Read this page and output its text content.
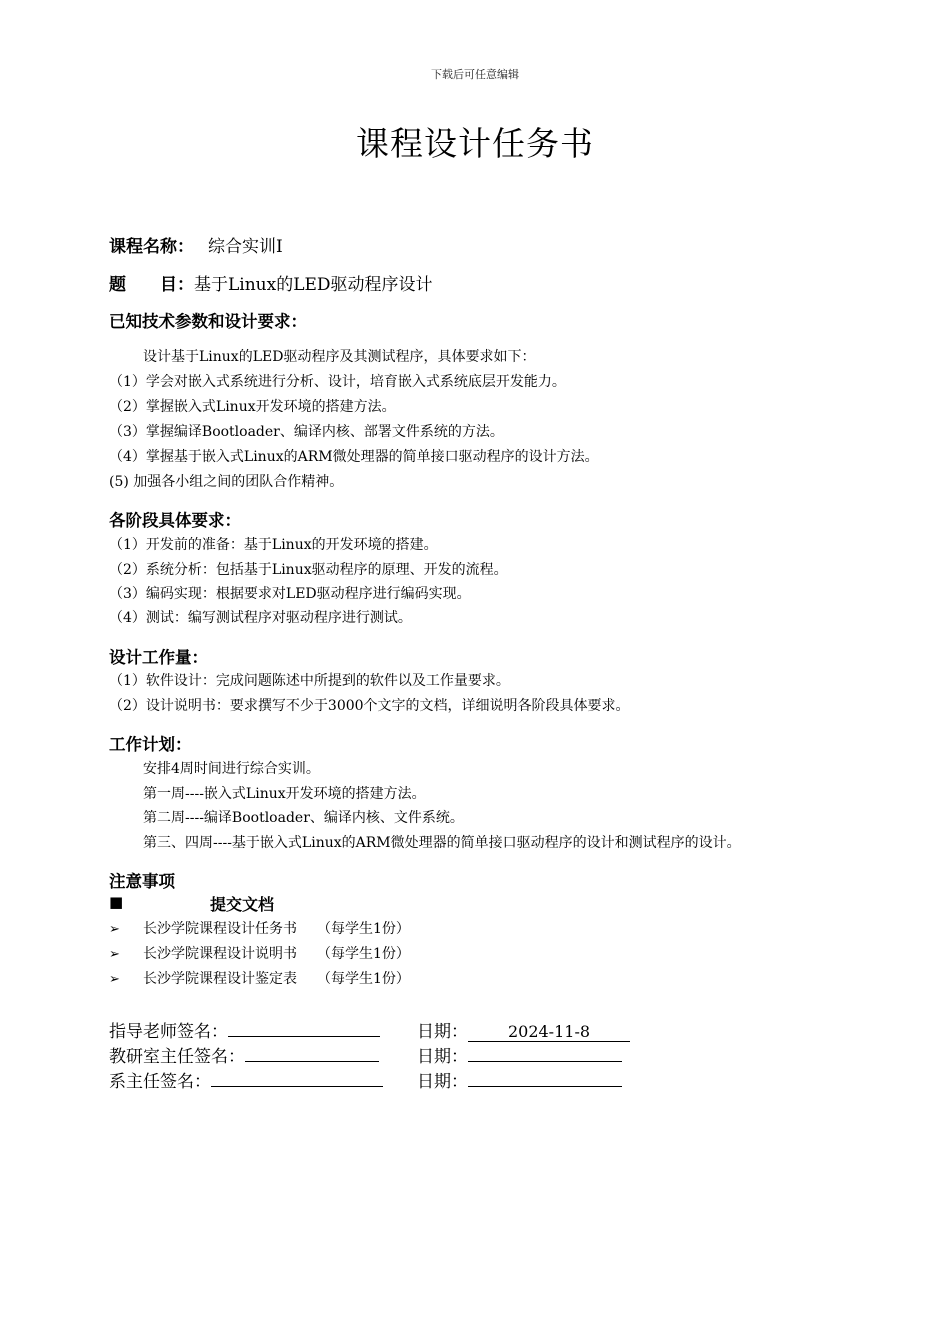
下载后可任意编辑
课程设计任务书
课程名称： 综合实训Ⅰ
题　　目：基于Linux的LED驱动程序设计
已知技术参数和设计要求：
设计基于Linux的LED驱动程序及其测试程序，具体要求如下：
（1）学会对嵌入式系统进行分析、设计，培育嵌入式系统底层开发能力。
（2）掌握嵌入式Linux开发环境的搭建方法。
（3）掌握编译Bootloader、编译内核、部署文件系统的方法。
（4）掌握基于嵌入式Linux的ARM微处理器的简单接口驱动程序的设计方法。
(5) 加强各小组之间的团队合作精神。
各阶段具体要求：
（1）开发前的准备：基于Linux的开发环境的搭建。
（2）系统分析：包括基于Linux驱动程序的原理、开发的流程。
（3）编码实现：根据要求对LED驱动程序进行编码实现。
（4）测试：编写测试程序对驱动程序进行测试。
设计工作量：
（1）软件设计：完成问题陈述中所提到的软件以及工作量要求。
（2）设计说明书：要求撰写不少于3000个文字的文档，详细说明各阶段具体要求。
工作计划：
安排4周时间进行综合实训。
第一周----嵌入式Linux开发环境的搭建方法。
第二周----编译Bootloader、编译内核、文件系统。
第三、四周----基于嵌入式Linux的ARM微处理器的简单接口驱动程序的设计和测试程序的设计。
注意事项
■	提交文档
➢ 长沙学院课程设计任务书 （每学生1份）
➢ 长沙学院课程设计说明书 （每学生1份）
➢ 长沙学院课程设计鉴定表 （每学生1份）
指导老师签名：	日期： 2024-11-8
教研室主任签名：	日期：
系主任签名：	日期：
